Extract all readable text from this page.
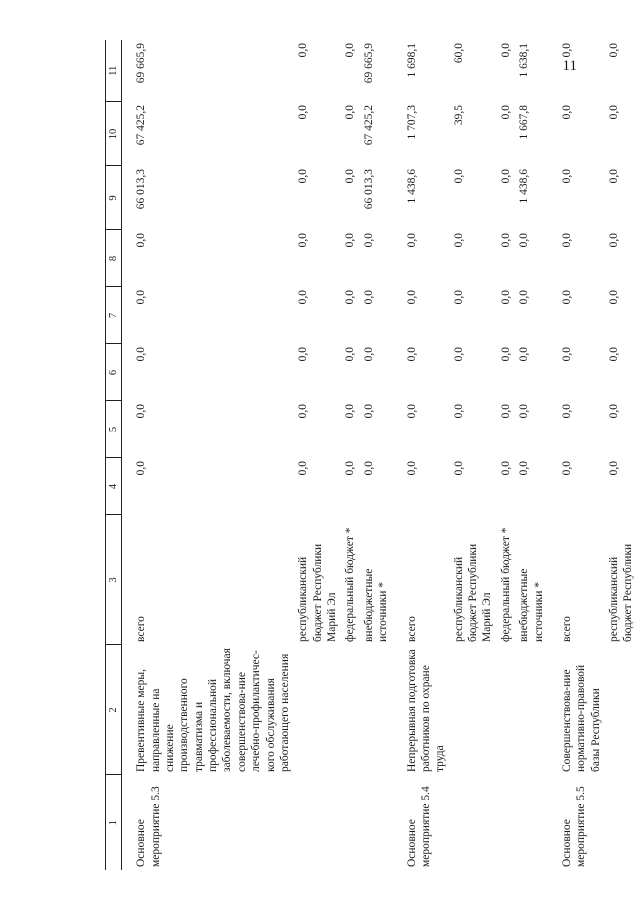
11
1	2	3	4	5	6	7	8	9	10	11
Основное мероприятие 5.3	Превентивные меры, направленные на снижение производственного травматизма и профессиональной заболеваемости, включая совершенствова-ние лечебно-профилактичес-кого обслуживания работающего населения	всего	0,0	0,0	0,0	0,0	0,0	66 013,3	67 425,2	69 665,9
		республиканский бюджет Республики Марий Эл	0,0	0,0	0,0	0,0	0,0	0,0	0,0	0,0
		федеральный бюджет *	0,0	0,0	0,0	0,0	0,0	0,0	0,0	0,0
		внебюджетные источники *	0,0	0,0	0,0	0,0	0,0	66 013,3	67 425,2	69 665,9
Основное мероприятие 5.4	Непрерывная подготовка работников по охране труда	всего	0,0	0,0	0,0	0,0	0,0	1 438,6	1 707,3	1 698,1
		республиканский бюджет Республики Марий Эл	0,0	0,0	0,0	0,0	0,0	0,0	39,5	60,0
		федеральный бюджет *	0,0	0,0	0,0	0,0	0,0	0,0	0,0	0,0
		внебюджетные источники *	0,0	0,0	0,0	0,0	0,0	1 438,6	1 667,8	1 638,1
Основное мероприятие 5.5	Совершенствова-ние нормативно-правовой базы Республики	всего	0,0	0,0	0,0	0,0	0,0	0,0	0,0	0,0
		республиканский бюджет Республики	0,0	0,0	0,0	0,0	0,0	0,0	0,0	0,0
